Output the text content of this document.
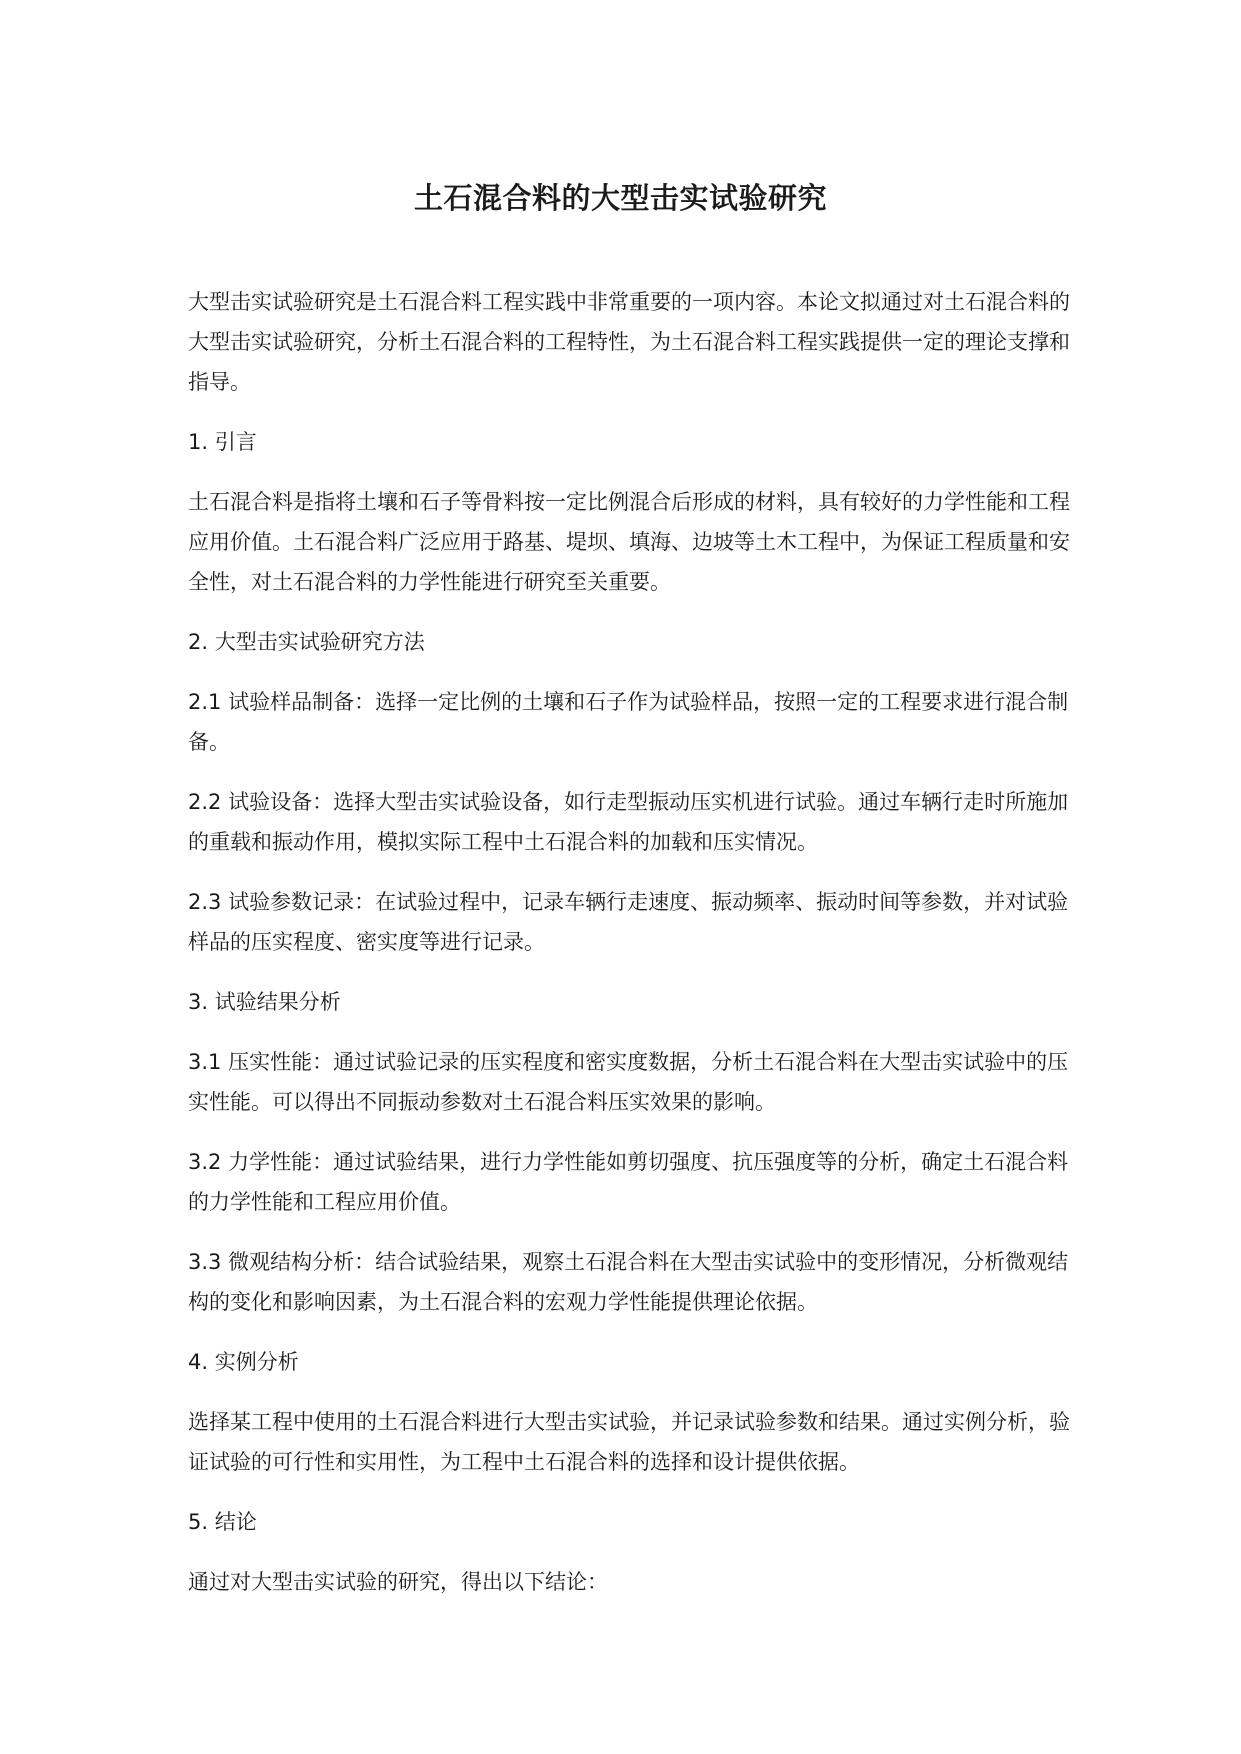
土石混合料的大型击实试验研究

大型击实试验研究是土石混合料工程实践中非常重要的一项内容。本论文拟通过对土石混合料的大型击实试验研究，分析土石混合料的工程特性，为土石混合料工程实践提供一定的理论支撑和指导。

1. 引言

土石混合料是指将土壤和石子等骨料按一定比例混合后形成的材料，具有较好的力学性能和工程应用价值。土石混合料广泛应用于路基、堤坝、填海、边坡等土木工程中，为保证工程质量和安全性，对土石混合料的力学性能进行研究至关重要。

2. 大型击实试验研究方法

2.1 试验样品制备：选择一定比例的土壤和石子作为试验样品，按照一定的工程要求进行混合制备。

2.2 试验设备：选择大型击实试验设备，如行走型振动压实机进行试验。通过车辆行走时所施加的重载和振动作用，模拟实际工程中土石混合料的加载和压实情况。

2.3 试验参数记录：在试验过程中，记录车辆行走速度、振动频率、振动时间等参数，并对试验样品的压实程度、密实度等进行记录。

3. 试验结果分析

3.1 压实性能：通过试验记录的压实程度和密实度数据，分析土石混合料在大型击实试验中的压实性能。可以得出不同振动参数对土石混合料压实效果的影响。

3.2 力学性能：通过试验结果，进行力学性能如剪切强度、抗压强度等的分析，确定土石混合料的力学性能和工程应用价值。

3.3 微观结构分析：结合试验结果，观察土石混合料在大型击实试验中的变形情况，分析微观结构的变化和影响因素，为土石混合料的宏观力学性能提供理论依据。

4. 实例分析

选择某工程中使用的土石混合料进行大型击实试验，并记录试验参数和结果。通过实例分析，验证试验的可行性和实用性，为工程中土石混合料的选择和设计提供依据。

5. 结论

通过对大型击实试验的研究，得出以下结论：
